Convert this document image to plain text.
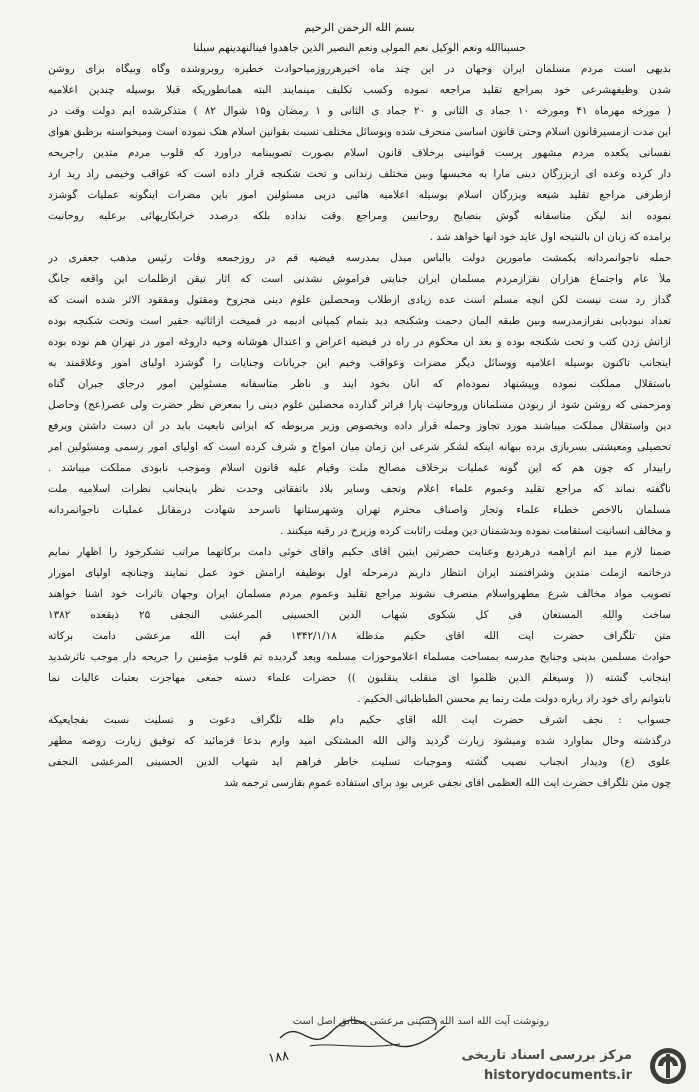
بسم الله الرحمن الرحیم
حسبناالله ونعم الوکیل نعم المولی ونعم النصیر الذین جاهدوا فینالنهدینهم سبلنا
بدیهی است مردم مسلمان ایران وجهان در این چند ماه اخیرهرروزمیاحوادث خطیره روبروشده وگاه وبیگاه برای روشن
شدن وظیفهشرعی خود بمراجع تقلید مراجعه نموده وکسب تکلیف مینمایند البته همانطوریکه قبلا بوسیله چندین اعلامیه
( مورخه مهرماه ۴۱ ومورخه ۱۰ جماد ی الثانی و ۲۰ جماد ی الثانی و ۱ رمضان و۱۵ شوال ۸۲ ) متذکرشده ایم دولت وقت در
این مدت ازمسیرقانون اسلام وحتی قانون اساسی منحرف شده وبوسائل مختلف نسبت بقوانین اسلام هتک نموده است ومیخواسته برطبق هوای
نفسانی یکعده مردم مشهور پرست قوانینی برخلاف قانون اسلام بصورت تصویبنامه درآورد که قلوب مردم متدین راجریحه
دار کرده وعده ای ازبزرگان دینی مارا به محبسها وبین مختلف زندانی و تحت شکنجه قرار داده است که عواقب وخیمی راد رید ارد
ازطرفی مراجع تقلید شیعه وبزرگان اسلام بوسیله اعلامیه هائیی دربی مسئولین امور باین مضرات اینگونه عملیات گوشزد
نموده اند لیکن متأسفانه گوش بنصایح روحانیین ومراجع وقت نداده بلکه درصدد خرابکاریهائی برعلیه روحانیت
برآمده که زبان آن بالنتیجه اول عاید خود آنها خواهد شد .
حمله ناجوانمردانه یکمشت مأمورین دولت بالباس مبدل بمدرسه فیضیه قم در روزجمعه وفات رئیس مذهب جعفری در
ملأ عام واجتماع هزاران نفرازمردم مسلمان ایران جنایتی فراموش نشدنی است که آثار تیقن ازظلمات این واقعه جانگ
گداز رد ست نیست لکن آنچه مسلم است عده زیادی ازطلاب ومحصلین علوم دینی مجروح ومقتول ومفقود الاثر شده است که
تعداد نبودیابی نفرازمدرسه وبین طبقه آلمان دحمت وشکنجه دید بتمام کمپانی آدیمه در فمیخت ازاثاثیه حقیر است وتحت شکنجه بوده
ازآتش زدن کتب و تحت شکنجه بوده و بعد آن محکوم در راه در فیضیه اعراض و اعتدال هوشانه وحیه داروغه امور در تهران هم نوده بوده
اینجانب تاکنون بوسیله اعلامیه ووسائل دیگر مضرات وعواقب وخیم این جریانات وجنایات را گوشزد اولیای امور وعلاقمند به
باستقلال مملکت نموده وپیشنهاد نموده‌ام که آنان بخود آیند و ناظر متأسفانه مسئولین امور درجای جبران گناه
ومرحمتی که روشن شود از ربودن مسلمانان وروحانیت پارا فراتر گذارده محصلین علوم دینی را بمعرض نظر حضرت ولی عصر(عج) وحاصل
دین واستقلال مملکت میباشند مورد تجاوز وحمله قرار داده وبخصوص وزیر مربوطه که ایرانی تابعیت باید در آن دست داشتن ویرفع
تحصیلی ومعیشتی بسربازی برده ببهانه اینکه لشکر شرعی این زمان میان امواج و شرف کرده است که اولیای امور رسمی ومسئولین امر
رابیدار که چون هم که این گونه عملیات برخلاف مصالح ملت وقیام علیه قانون اسلام وموجب نابودی مملکت میباشد .
ناگفته نماند که مراجع تقلید وعموم علماء اعلام وتجف وسایر بلاد باتفقاتی وحدت نظر باینجانب نظرات اسلامیه ملت
مسلمان بالاخص خطباء علماء وتجار واصناف محترم تهران وشهرستانها تاسرحد شهادت درمقابل عملیات ناجوانمردانه
و مخالف انسانیت استقامت نموده وبدشمنان دین وملت راثابت کرده وزیرخ در رقبه میکنند .
ضمنا لازم مید انم ازاهمه درهردیع وعنایت حضرتین آیتین آقای حکیم وآقای خوئی دامت برکاتهما مراتب تشکرخود را اظهار نمایم
درخاتمه ازملت متدین وشرافتمند ایران انتظار داریم درمرحله اول بوظیفه آرامش خود عمل نمایند وچنانچه اولیای امورار
تصویب مواد مخالف شرع مطهرواسلام منصرف نشوند مراجع تقلید وعموم مردم مسلمان ایران وجهان تأثرات خود آشنا خواهند
ساخت والله المستعان فی کل شکوی شهاب الدین الحسینی المرعشی النجفی ۲۵ ذیقعده ۱۳۸۲
متن تلگراف حضرت آیت الله آقای حکیم مدظله ۱۳۴۲/۱/۱۸ قم آیت الله مرعشی دامت برکاته
حوادث مسلمین بدینی وجنایح مدرسه بمساحت مسلماء اعلاموحوزات مسلمه وبعد گردیده تم قلوب مؤمنین را جریحه دار موجب تأثرشدید
اینجانب گشته (( وسیعلم الذین ظلموا ای منقلب ینقلبون )) حضرات علماء دسته جمعی مهاجرت بعتبات عالیات نما
تابتوانم رأی خود راد رباره دولت ملت رنما یم محسن الطباطبائی الحکیم .
جسواب : نجف اشرف حضرت آیت الله آقای حکیم دام ظله تلگراف دعوت و تسلیت نسبت بفجایعیکه
درگذشته وحال بماوارد شده ومیشود زیارت گردید والی الله المشتکی امید وارم بدعا فرمائید که توفیق زیارت روضه مطهر
علوی (ع) ودیدار آنجناب نصیب گشته وموجبات تسلیت خاطر فراهم آید شهاب الدین الحسینی المرعشی النجفی
چون متن تلگراف حضرت آیت الله العظمی آقای نجفی عربی بود برای استفاده عموم بفارسی ترجمه شد
رونوشت آیت الله اسد الله حسینی مرعشی مطابق اصل است
۱۸۸	مرکز بررسی اسناد تاریخی
historydocuments.ir
